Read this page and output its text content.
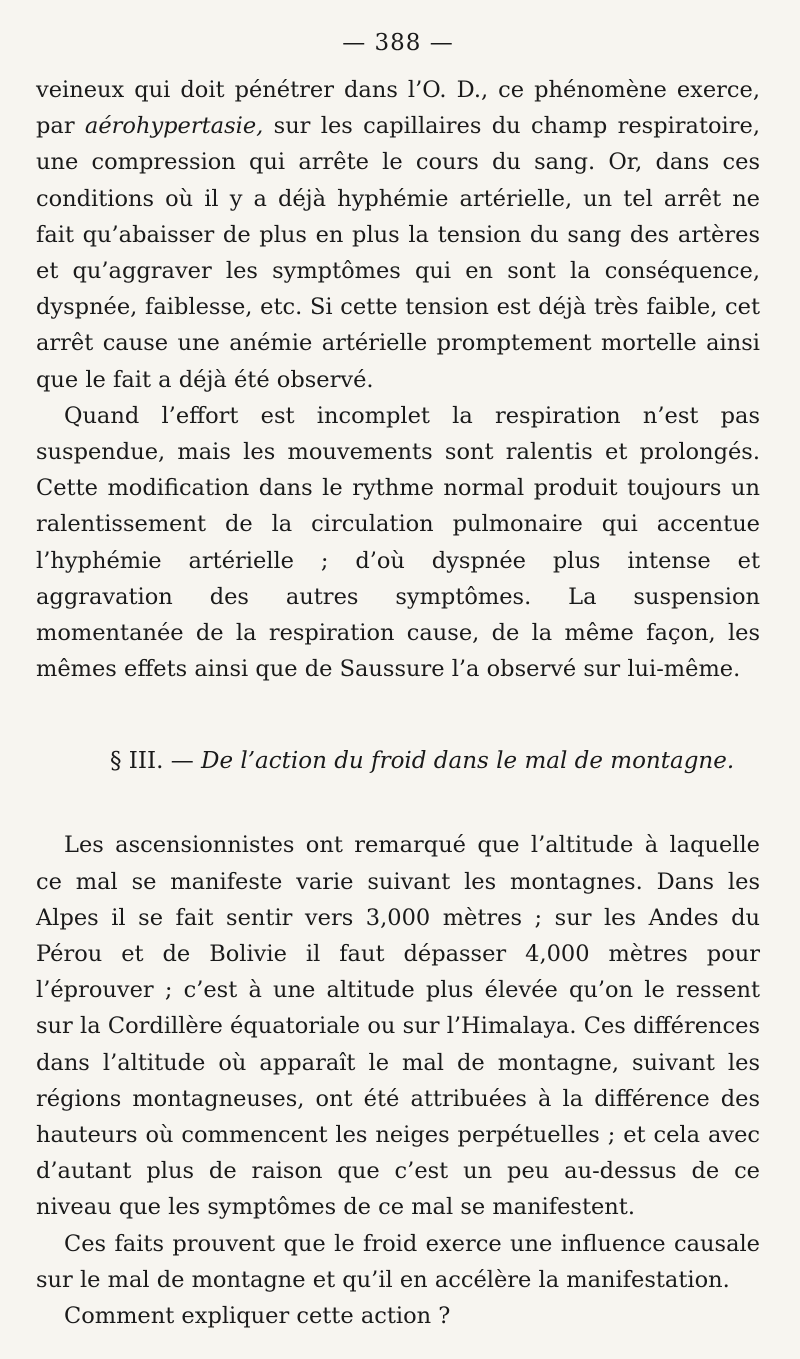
— 388 —

veineux qui doit pénétrer dans l’O. D., ce phénomène exerce, par aérohypertasie, sur les capillaires du champ respiratoire, une compression qui arrête le cours du sang. Or, dans ces conditions où il y a déjà hyphémie artérielle, un tel arrêt ne fait qu’abaisser de plus en plus la tension du sang des artères et qu’aggraver les symptômes qui en sont la conséquence, dyspnée, faiblesse, etc. Si cette tension est déjà très faible, cet arrêt cause une anémie artérielle promptement mortelle ainsi que le fait a déjà été observé.

Quand l’effort est incomplet la respiration n’est pas suspendue, mais les mouvements sont ralentis et prolongés. Cette modification dans le rythme normal produit toujours un ralentissement de la circulation pulmonaire qui accentue l’hyphémie artérielle ; d’où dyspnée plus intense et aggravation des autres symptômes. La suspension momentanée de la respiration cause, de la même façon, les mêmes effets ainsi que de Saussure l’a observé sur lui-même.

§ III. — De l’action du froid dans le mal de montagne.

Les ascensionnistes ont remarqué que l’altitude à laquelle ce mal se manifeste varie suivant les montagnes. Dans les Alpes il se fait sentir vers 3,000 mètres ; sur les Andes du Pérou et de Bolivie il faut dépasser 4,000 mètres pour l’éprouver ; c’est à une altitude plus élevée qu’on le ressent sur la Cordillère équatoriale ou sur l’Himalaya. Ces différences dans l’altitude où apparaît le mal de montagne, suivant les régions montagneuses, ont été attribuées à la différence des hauteurs où commencent les neiges perpétuelles ; et cela avec d’autant plus de raison que c’est un peu au-dessus de ce niveau que les symptômes de ce mal se manifestent.

Ces faits prouvent que le froid exerce une influence causale sur le mal de montagne et qu’il en accélère la manifestation.

Comment expliquer cette action ?
